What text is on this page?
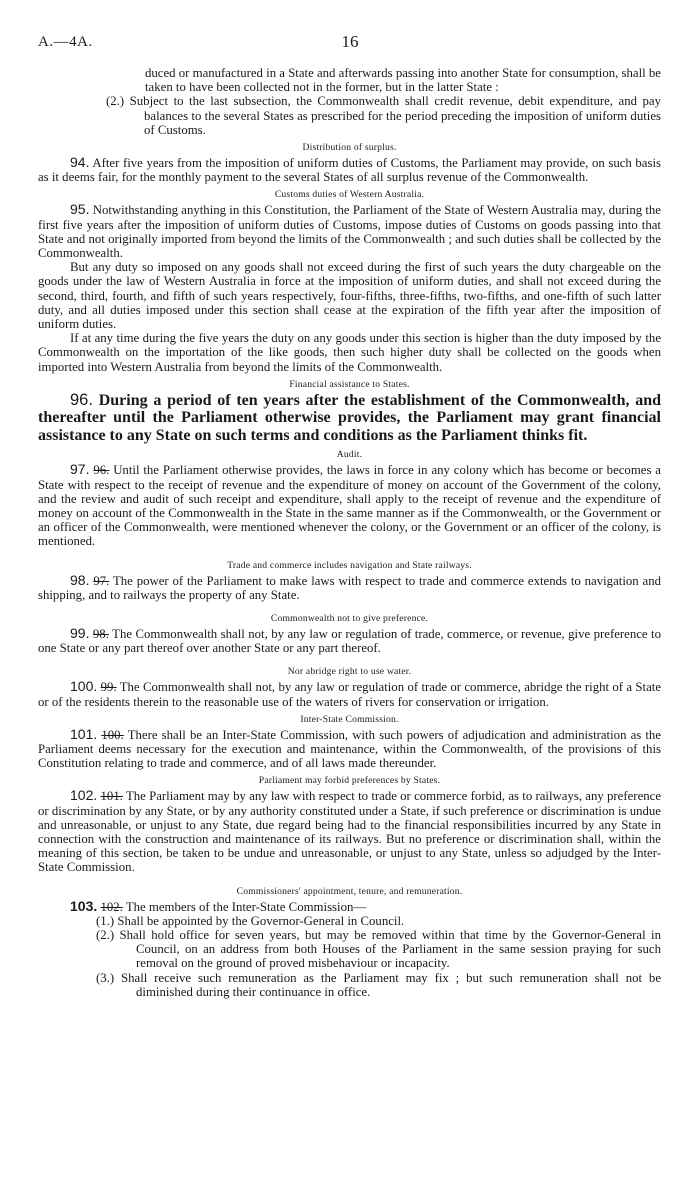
A.—4A.	16

duced or manufactured in a State and afterwards passing into another State for consumption, shall be taken to have been collected not in the former, but in the latter State :

(2.) Subject to the last subsection, the Commonwealth shall credit revenue, debit expenditure, and pay balances to the several States as prescribed for the period preceding the imposition of uniform duties of Customs.

Distribution of surplus.

94. After five years from the imposition of uniform duties of Customs, the Parliament may provide, on such basis as it deems fair, for the monthly payment to the several States of all surplus revenue of the Commonwealth.

Customs duties of Western Australia.

95. Notwithstanding anything in this Constitution, the Parliament of the State of Western Australia may, during the first five years after the imposition of uniform duties of Customs, impose duties of Customs on goods passing into that State and not originally imported from beyond the limits of the Commonwealth ; and such duties shall be collected by the Commonwealth.

But any duty so imposed on any goods shall not exceed during the first of such years the duty chargeable on the goods under the law of Western Australia in force at the imposition of uniform duties, and shall not exceed during the second, third, fourth, and fifth of such years respectively, four-fifths, three-fifths, two-fifths, and one-fifth of such latter duty, and all duties imposed under this section shall cease at the expiration of the fifth year after the imposition of uniform duties.

If at any time during the five years the duty on any goods under this section is higher than the duty imposed by the Commonwealth on the importation of the like goods, then such higher duty shall be collected on the goods when imported into Western Australia from beyond the limits of the Commonwealth.

Financial assistance to States.

96. During a period of ten years after the establishment of the Commonwealth, and thereafter until the Parliament otherwise provides, the Parliament may grant financial assistance to any State on such terms and conditions as the Parliament thinks fit.

Audit.

97. 96. Until the Parliament otherwise provides, the laws in force in any colony which has become or becomes a State with respect to the receipt of revenue and the expenditure of money on account of the Government of the colony, and the review and audit of such receipt and expenditure, shall apply to the receipt of revenue and the expenditure of money on account of the Commonwealth in the State in the same manner as if the Commonwealth, or the Government or an officer of the Commonwealth, were mentioned whenever the colony, or the Government or an officer of the colony, is mentioned.

Trade and commerce includes navigation and State railways.

98. 97. The power of the Parliament to make laws with respect to trade and commerce extends to navigation and shipping, and to railways the property of any State.

Commonwealth not to give preference.

99. 98. The Commonwealth shall not, by any law or regulation of trade, commerce, or revenue, give preference to one State or any part thereof over another State or any part thereof.

Nor abridge right to use water.

100. 99. The Commonwealth shall not, by any law or regulation of trade or commerce, abridge the right of a State or of the residents therein to the reasonable use of the waters of rivers for conservation or irrigation.

Inter-State Commission.

101. 100. There shall be an Inter-State Commission, with such powers of adjudication and administration as the Parliament deems necessary for the execution and maintenance, within the Commonwealth, of the provisions of this Constitution relating to trade and commerce, and of all laws made thereunder.

Parliament may forbid preferences by States.

102. 101. The Parliament may by any law with respect to trade or commerce forbid, as to railways, any preference or discrimination by any State, or by any authority constituted under a State, if such preference or discrimination is undue and unreasonable, or unjust to any State, due regard being had to the financial responsibilities incurred by any State in connection with the construction and maintenance of its railways. But no preference or discrimination shall, within the meaning of this section, be taken to be undue and unreasonable, or unjust to any State, unless so adjudged by the Inter-State Commission.

Commissioners' appointment, tenure, and remuneration.

103. 102. The members of the Inter-State Commission—

(1.) Shall be appointed by the Governor-General in Council.

(2.) Shall hold office for seven years, but may be removed within that time by the Governor-General in Council, on an address from both Houses of the Parliament in the same session praying for such removal on the ground of proved misbehaviour or incapacity.

(3.) Shall receive such remuneration as the Parliament may fix ; but such remuneration shall not be diminished during their continuance in office.
